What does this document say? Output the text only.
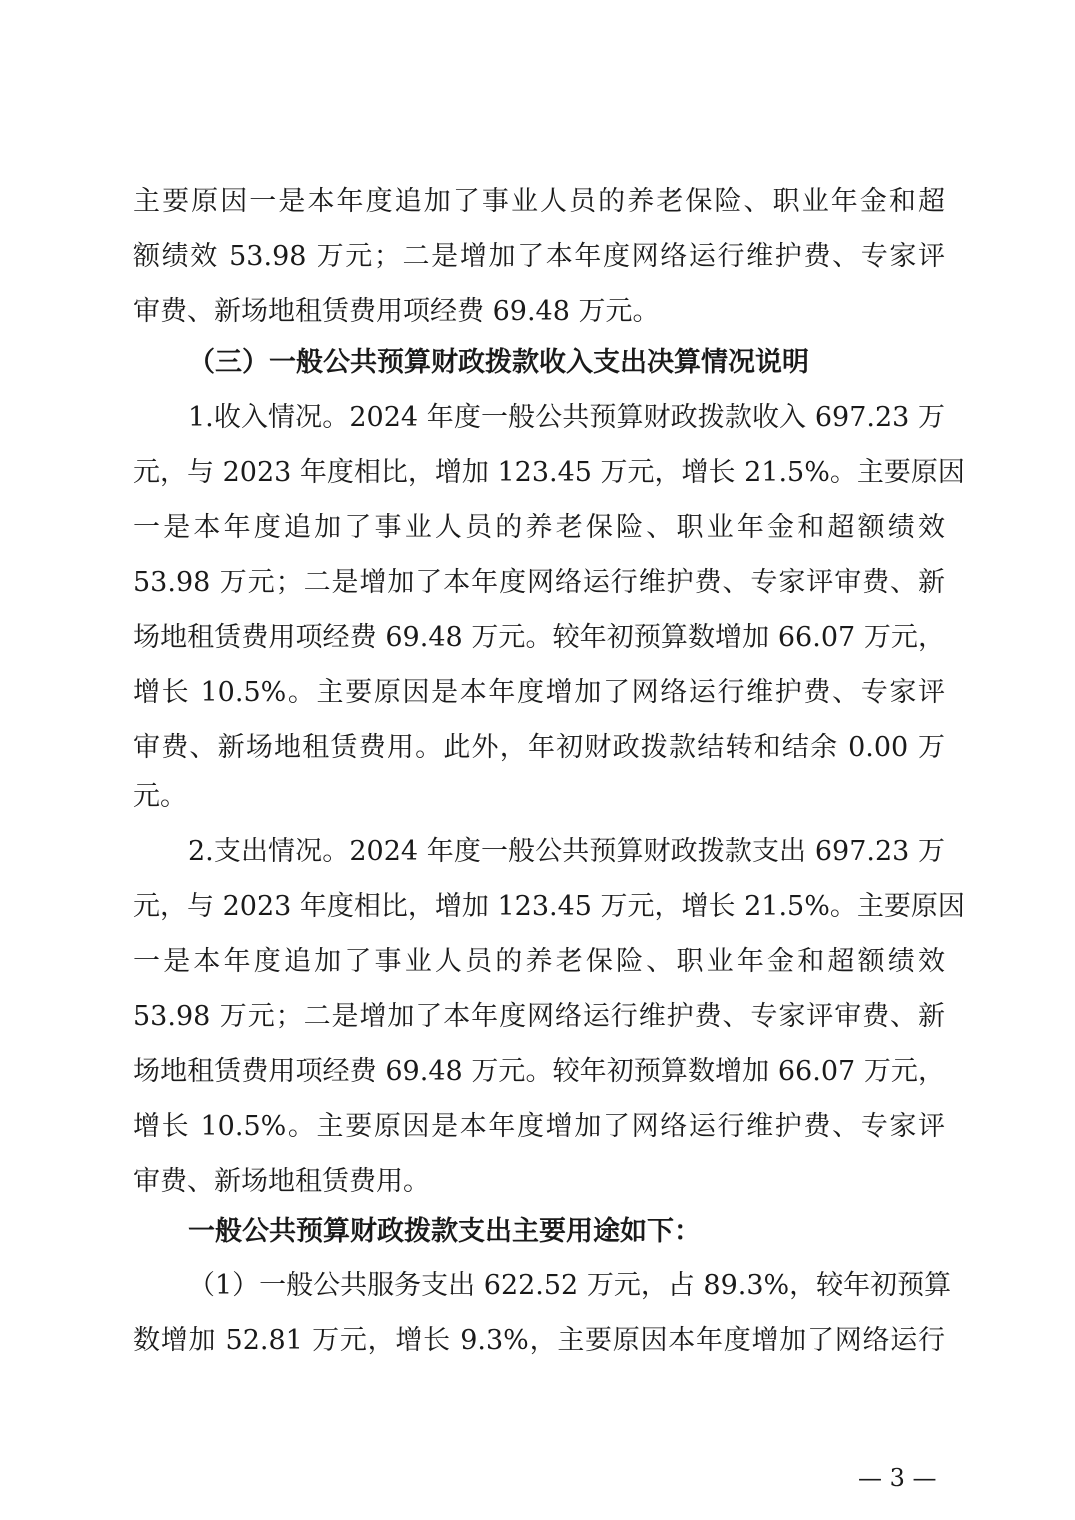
主要原因一是本年度追加了事业人员的养老保险、职业年金和超
额绩效 53.98 万元；二是增加了本年度网络运行维护费、专家评
审费、新场地租赁费用项经费 69.48 万元。
（三）一般公共预算财政拨款收入支出决算情况说明
1.收入情况。2024 年度一般公共预算财政拨款收入 697.23 万
元，与 2023 年度相比，增加 123.45 万元，增长 21.5%。主要原因
一是本年度追加了事业人员的养老保险、职业年金和超额绩效
53.98 万元；二是增加了本年度网络运行维护费、专家评审费、新
场地租赁费用项经费 69.48 万元。较年初预算数增加 66.07 万元，
增长 10.5%。主要原因是本年度增加了网络运行维护费、专家评
审费、新场地租赁费用。此外，年初财政拨款结转和结余 0.00 万
元。
2.支出情况。2024 年度一般公共预算财政拨款支出 697.23 万
元，与 2023 年度相比，增加 123.45 万元，增长 21.5%。主要原因
一是本年度追加了事业人员的养老保险、职业年金和超额绩效
53.98 万元；二是增加了本年度网络运行维护费、专家评审费、新
场地租赁费用项经费 69.48 万元。较年初预算数增加 66.07 万元，
增长 10.5%。主要原因是本年度增加了网络运行维护费、专家评
审费、新场地租赁费用。
一般公共预算财政拨款支出主要用途如下：
（1）一般公共服务支出 622.52 万元，占 89.3%，较年初预算
数增加 52.81 万元，增长 9.3%，主要原因本年度增加了网络运行
— 3 —
